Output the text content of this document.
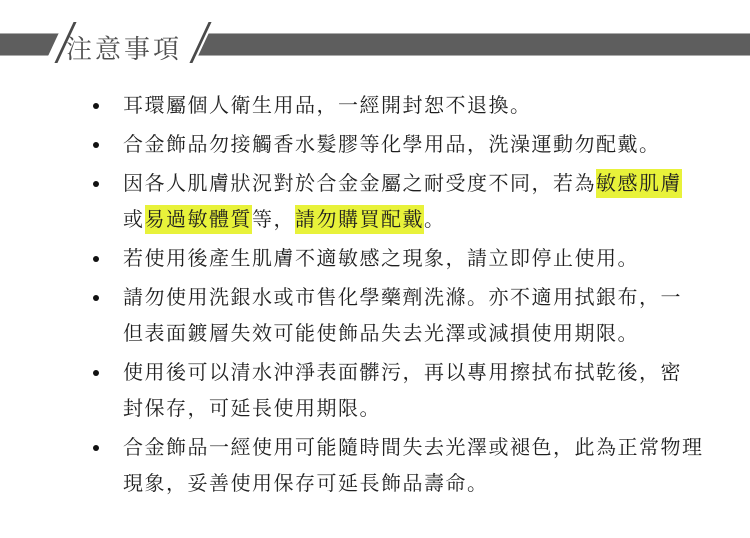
注意事項
耳環屬個人衛生用品，一經開封恕不退換。
合金飾品勿接觸香水髮膠等化學用品，洗澡運動勿配戴。
因各人肌膚狀況對於合金金屬之耐受度不同，若為敏感肌膚
或易過敏體質等，請勿購買配戴。
若使用後產生肌膚不適敏感之現象，請立即停止使用。
請勿使用洗銀水或市售化學藥劑洗滌。亦不適用拭銀布，一
但表面鍍層失效可能使飾品失去光澤或減損使用期限。
使用後可以清水沖淨表面髒污，再以專用擦拭布拭乾後，密
封保存，可延長使用期限。
合金飾品一經使用可能隨時間失去光澤或褪色，此為正常物理
現象，妥善使用保存可延長飾品壽命。
